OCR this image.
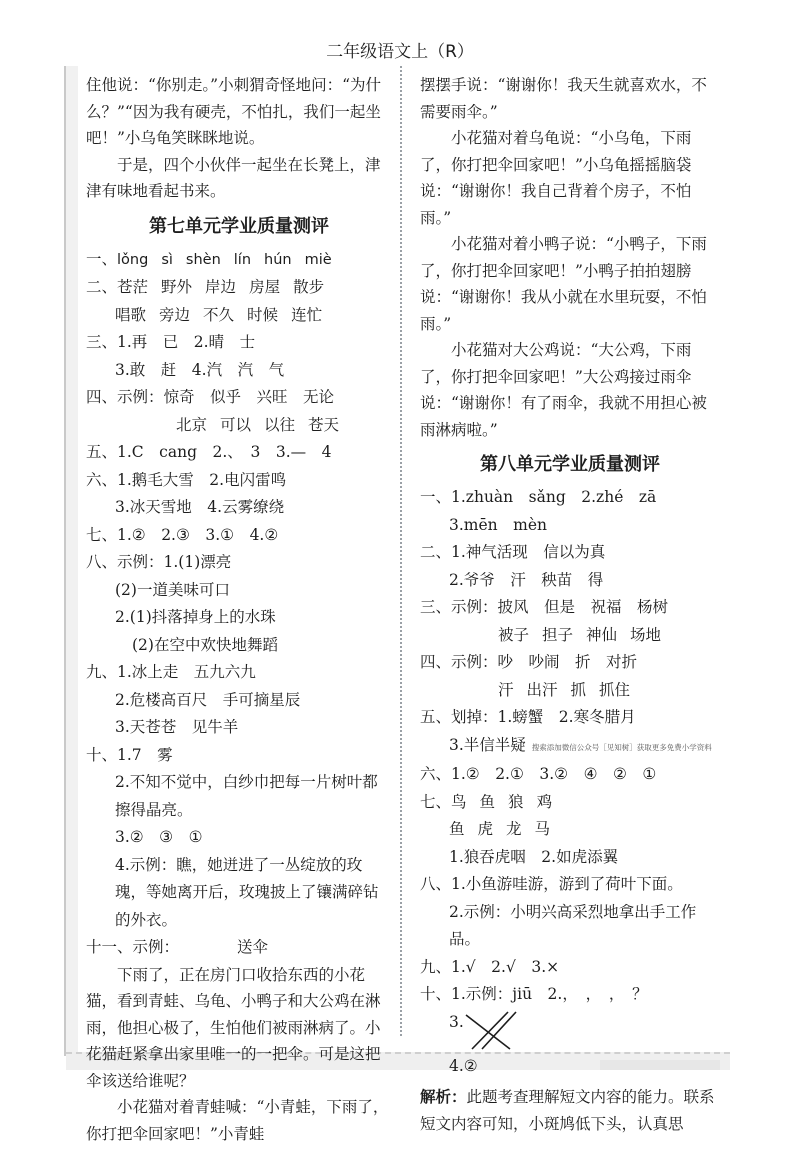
二年级语文上（R）

住他说：“你别走。”小刺猬奇怪地问：“为什么？”“因为我有硬壳，不怕扎，我们一起坐吧！”小乌龟笑眯眯地说。

于是，四个小伙伴一起坐在长凳上，津津有味地看起书来。

第七单元学业质量测评
一、 lǒng sì shèn lín hún miè
二、 苍茫 野外 岸边 房屋 散步
唱歌 旁边 不久 时候 连忙
三、 1.再　已　2.晴　士
3.敢　赶　4.汽　汽　气
四、 示例：惊奇　似乎　兴旺　无论
北京 可以 以往 苍天
五、 1.C　cang　2.、　3　3.—　4
六、 1.鹅毛大雪　2.电闪雷鸣
3.冰天雪地　4.云雾缭绕
七、 1.②　2.③　3.①　4.②
八、 示例：1.(1)漂亮
(2)一道美味可口
2.(1)抖落掉身上的水珠
(2)在空中欢快地舞蹈
九、 1.冰上走　五九六九
2.危楼高百尺　手可摘星辰
3.天苍苍　见牛羊
十、 1.7　雾
2.不知不觉中，白纱巾把每一片树叶都擦得晶亮。
3.②　③　①
4.示例：瞧，她迸进了一丛绽放的玫瑰，等她离开后，玫瑰披上了镶满碎钻的外衣。
十一、 示例：	送伞

下雨了，正在房门口收拾东西的小花猫，看到青蛙、乌龟、小鸭子和大公鸡在淋雨，他担心极了，生怕他们被雨淋病了。小花猫赶紧拿出家里唯一的一把伞。可是这把伞该送给谁呢？

小花猫对着青蛙喊：“小青蛙，下雨了，你打把伞回家吧！”小青蛙

摆摆手说：“谢谢你！我天生就喜欢水，不需要雨伞。”

小花猫对着乌龟说：“小乌龟，下雨了，你打把伞回家吧！”小乌龟摇摇脑袋说：“谢谢你！我自己背着个房子，不怕雨。”

小花猫对着小鸭子说：“小鸭子，下雨了，你打把伞回家吧！”小鸭子拍拍翅膀说：“谢谢你！我从小就在水里玩耍，不怕雨。”

小花猫对大公鸡说：“大公鸡，下雨了，你打把伞回家吧！”大公鸡接过雨伞说：“谢谢你！有了雨伞，我就不用担心被雨淋病啦。”

第八单元学业质量测评
一、 1.zhuàn　sǎng　2.zhé　zā
3.mēn　mèn
二、 1.神气活现　信以为真
2.爷爷　汗　秧苗　得
三、 示例：披风　但是　祝福　杨树
被子 担子 神仙 场地
四、 示例：吵　吵闹　折　对折
汗 出汗 抓 抓住
五、 划掉：1.螃蟹　2.寒冬腊月
3.半信半疑 搜索添加微信公众号［见知树］获取更多免费小学资料
六、 1.②　2.①　3.②　④　②　①
七、 鸟 鱼 狼 鸡
鱼 虎 龙 马
1.狼吞虎咽　2.如虎添翼
八、 1.小鱼游哇游，游到了荷叶下面。
2.示例：小明兴高采烈地拿出手工作品。
九、 1.√　2.√　3.×
十、 1.示例：jiū　2.，　，　，　？
3.
4.②

解析：此题考查理解短文内容的能力。联系短文内容可知，小斑鸠低下头，认真思
